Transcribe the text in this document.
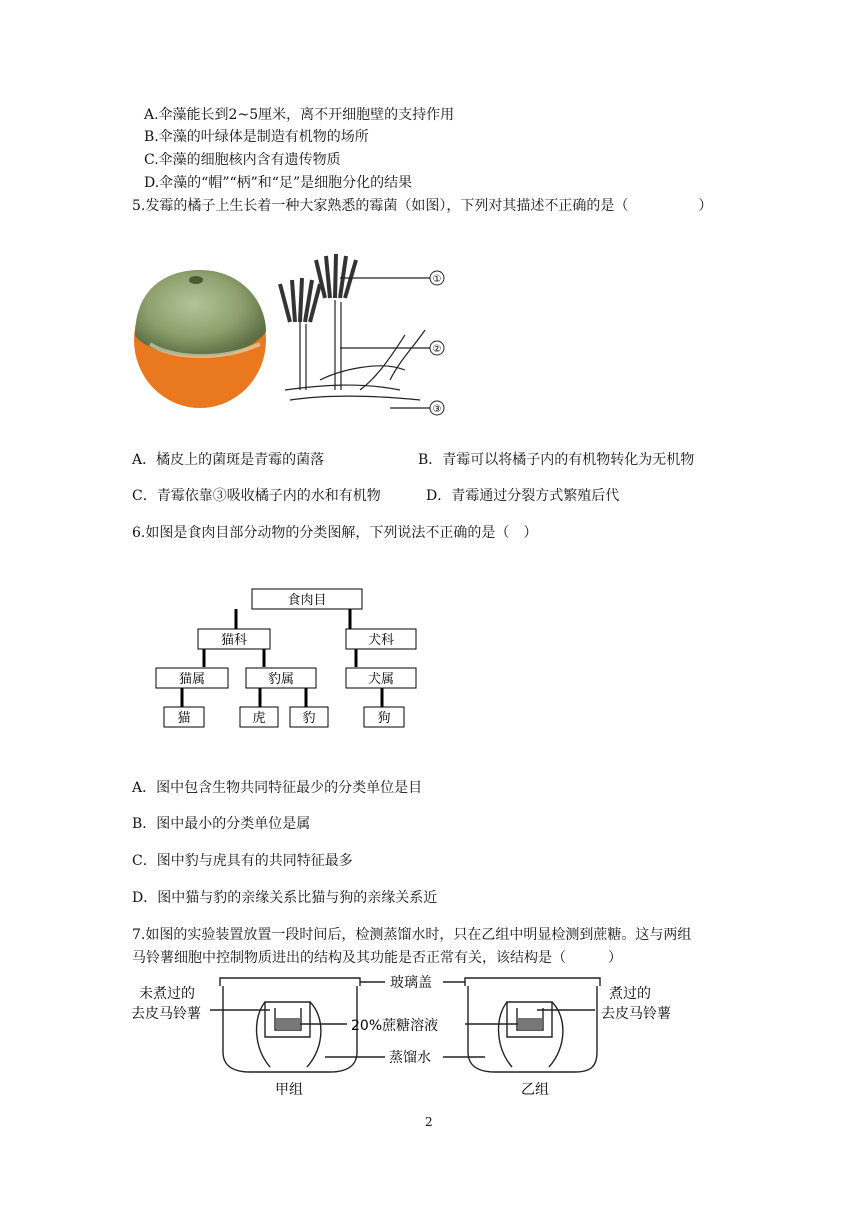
A.伞藻能长到2~5厘米，离不开细胞壁的支持作用
B.伞藻的叶绿体是制造有机物的场所
C.伞藻的细胞核内含有遗传物质
D.伞藻的“帽”“柄”和“足”是细胞分化的结果
5.发霉的橘子上生长着一种大家熟悉的霉菌（如图），下列对其描述不正确的是（　　　　　）
①
②
③
A．橘皮上的菌斑是青霉的菌落	B．青霉可以将橘子内的有机物转化为无机物
C．青霉依靠③吸收橘子内的水和有机物	D．青霉通过分裂方式繁殖后代
6.如图是食肉目部分动物的分类图解，下列说法不正确的是（　）
食肉目
猫科	犬科
猫属	豹属	犬属
猫	虎	豹	狗
A．图中包含生物共同特征最少的分类单位是目
B．图中最小的分类单位是属
C．图中豹与虎具有的共同特征最多
D．图中猫与豹的亲缘关系比猫与狗的亲缘关系近
7.如图的实验装置放置一段时间后，检测蒸馏水时，只在乙组中明显检测到蔗糖。这与两组
马铃薯细胞中控制物质进出的结构及其功能是否正常有关，该结构是（　　　）
未煮过的
去皮马铃薯
玻璃盖
20%蔗糖溶液
蒸馏水
煮过的
去皮马铃薯
甲组	乙组
2
